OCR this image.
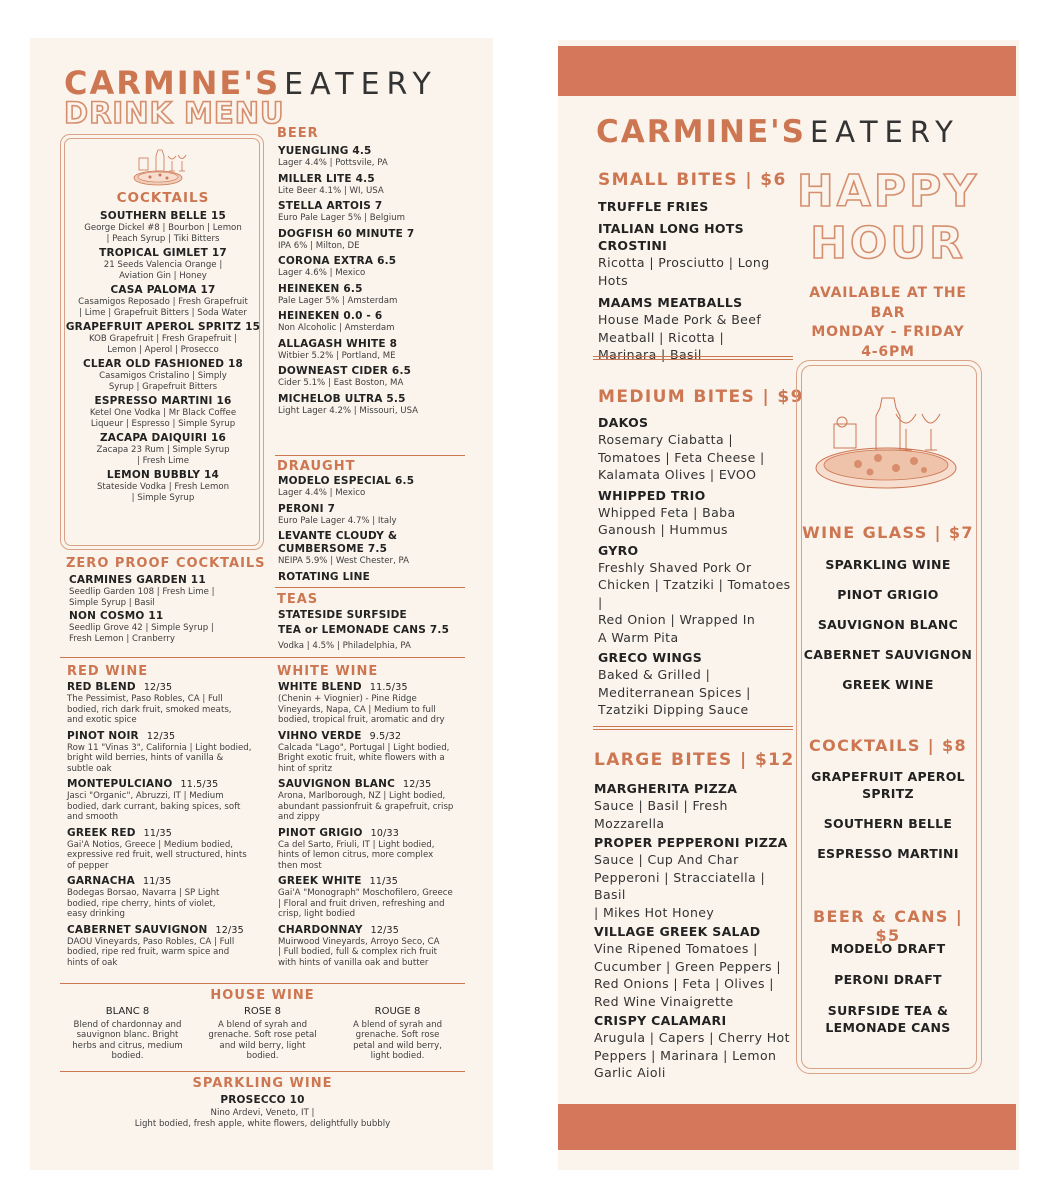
CARMINE'S EATERY
DRINK MENU
COCKTAILS
SOUTHERN BELLE 15
George Dickel #8 | Bourbon | Lemon
| Peach Syrup | Tiki Bitters
TROPICAL GIMLET 17
21 Seeds Valencia Orange |
Aviation Gin | Honey
CASA PALOMA 17
Casamigos Reposado | Fresh Grapefruit
| Lime | Grapefruit Bitters | Soda Water
GRAPEFRUIT APEROL SPRITZ 15
KOB Grapefruit | Fresh Grapefruit |
Lemon | Aperol | Prosecco
CLEAR OLD FASHIONED 18
Casamigos Cristalino | Simply
Syrup | Grapefruit Bitters
ESPRESSO MARTINI 16
Ketel One Vodka | Mr Black Coffee
Liqueur | Espresso | Simple Syrup
ZACAPA DAIQUIRI 16
Zacapa 23 Rum | Simple Syrup
| Fresh Lime
LEMON BUBBLY 14
Stateside Vodka | Fresh Lemon
| Simple Syrup
ZERO PROOF COCKTAILS
CARMINES GARDEN 11
Seedlip Garden 108 | Fresh Lime |
Simple Syrup | Basil
NON COSMO 11
Seedlip Grove 42 | Simple Syrup |
Fresh Lemon | Cranberry
BEER
YUENGLING 4.5
Lager 4.4% | Pottsvile, PA
MILLER LITE 4.5
Lite Beer 4.1% | WI, USA
STELLA ARTOIS 7
Euro Pale Lager 5% | Belgium
DOGFISH 60 MINUTE 7
IPA 6% | Milton, DE
CORONA EXTRA 6.5
Lager 4.6% | Mexico
HEINEKEN 6.5
Pale Lager 5% | Amsterdam
HEINEKEN 0.0 - 6
Non Alcoholic | Amsterdam
ALLAGASH WHITE 8
Witbier 5.2% | Portland, ME
DOWNEAST CIDER 6.5
Cider 5.1% | East Boston, MA
MICHELOB ULTRA 5.5
Light Lager 4.2% | Missouri, USA
DRAUGHT
MODELO ESPECIAL 6.5
Lager 4.4% | Mexico
PERONI 7
Euro Pale Lager 4.7% | Italy
LEVANTE CLOUDY & CUMBERSOME 7.5
NEIPA 5.9% | West Chester, PA
ROTATING LINE
TEAS
STATESIDE SURFSIDE
TEA or LEMONADE CANS 7.5
Vodka | 4.5% | Philadelphia, PA
RED WINE
RED BLEND 12/35
The Pessimist, Paso Robles, CA | Full
bodied, rich dark fruit, smoked meats,
and exotic spice
PINOT NOIR 12/35
Row 11 "Vinas 3", California | Light bodied,
bright wild berries, hints of vanilla &
subtle oak
MONTEPULCIANO 11.5/35
Jasci "Organic", Abruzzi, IT | Medium
bodied, dark currant, baking spices, soft
and smooth
GREEK RED 11/35
Gai'A Notios, Greece | Medium bodied,
expressive red fruit, well structured, hints
of pepper
GARNACHA 11/35
Bodegas Borsao, Navarra | SP Light
bodied, ripe cherry, hints of violet,
easy drinking
CABERNET SAUVIGNON 12/35
DAOU Vineyards, Paso Robles, CA | Full
bodied, ripe red fruit, warm spice and
hints of oak
WHITE WINE
WHITE BLEND 11.5/35
(Chenin + Viognier) - Pine Ridge
Vineyards, Napa, CA | Medium to full
bodied, tropical fruit, aromatic and dry
VIHNO VERDE 9.5/32
Calcada "Lago", Portugal | Light bodied,
Bright exotic fruit, white flowers with a
hint of spritz
SAUVIGNON BLANC 12/35
Arona, Marlborough, NZ | Light bodied,
abundant passionfruit & grapefruit, crisp
and zippy
PINOT GRIGIO 10/33
Ca del Sarto, Friuli, IT | Light bodied,
hints of lemon citrus, more complex
then most
GREEK WHITE 11/35
Gai'A "Monograph" Moschofilero, Greece
| Floral and fruit driven, refreshing and
crisp, light bodied
CHARDONNAY 12/35
Muirwood Vineyards, Arroyo Seco, CA
| Full bodied, full & complex rich fruit
with hints of vanilla oak and butter
HOUSE WINE
BLANC 8
Blend of chardonnay and
sauvignon blanc. Bright
herbs and citrus, medium
bodied.
ROSE 8
A blend of syrah and
grenache. Soft rose petal
and wild berry, light
bodied.
ROUGE 8
A blend of syrah and
grenache. Soft rose
petal and wild berry,
light bodied.
SPARKLING WINE
PROSECCO 10
Nino Ardevi, Veneto, IT |
Light bodied, fresh apple, white flowers, delightfully bubbly
CARMINE'S EATERY
SMALL BITES | $6
TRUFFLE FRIES
ITALIAN LONG HOTS
CROSTINI
Ricotta | Prosciutto | Long Hots
MAAMS MEATBALLS
House Made Pork & Beef
Meatball | Ricotta |
Marinara | Basil
HAPPY
HOUR
AVAILABLE AT THE BAR
MONDAY - FRIDAY
4-6PM
MEDIUM BITES | $9
DAKOS
Rosemary Ciabatta |
Tomatoes | Feta Cheese |
Kalamata Olives | EVOO
WHIPPED TRIO
Whipped Feta | Baba
Ganoush | Hummus
GYRO
Freshly Shaved Pork Or
Chicken | Tzatziki | Tomatoes |
Red Onion | Wrapped In
A Warm Pita
GRECO WINGS
Baked & Grilled |
Mediterranean Spices |
Tzatziki Dipping Sauce
LARGE BITES | $12
MARGHERITA PIZZA
Sauce | Basil | Fresh Mozzarella
PROPER PEPPERONI PIZZA
Sauce | Cup And Char
Pepperoni | Stracciatella | Basil
| Mikes Hot Honey
VILLAGE GREEK SALAD
Vine Ripened Tomatoes |
Cucumber | Green Peppers |
Red Onions | Feta | Olives |
Red Wine Vinaigrette
CRISPY CALAMARI
Arugula | Capers | Cherry Hot
Peppers | Marinara | Lemon
Garlic Aioli
WINE GLASS | $7
SPARKLING WINE
PINOT GRIGIO
SAUVIGNON BLANC
CABERNET SAUVIGNON
GREEK WINE
COCKTAILS | $8
GRAPEFRUIT APEROL
SPRITZ
SOUTHERN BELLE
ESPRESSO MARTINI
BEER & CANS | $5
MODELO DRAFT
PERONI DRAFT
SURFSIDE TEA &
LEMONADE CANS
